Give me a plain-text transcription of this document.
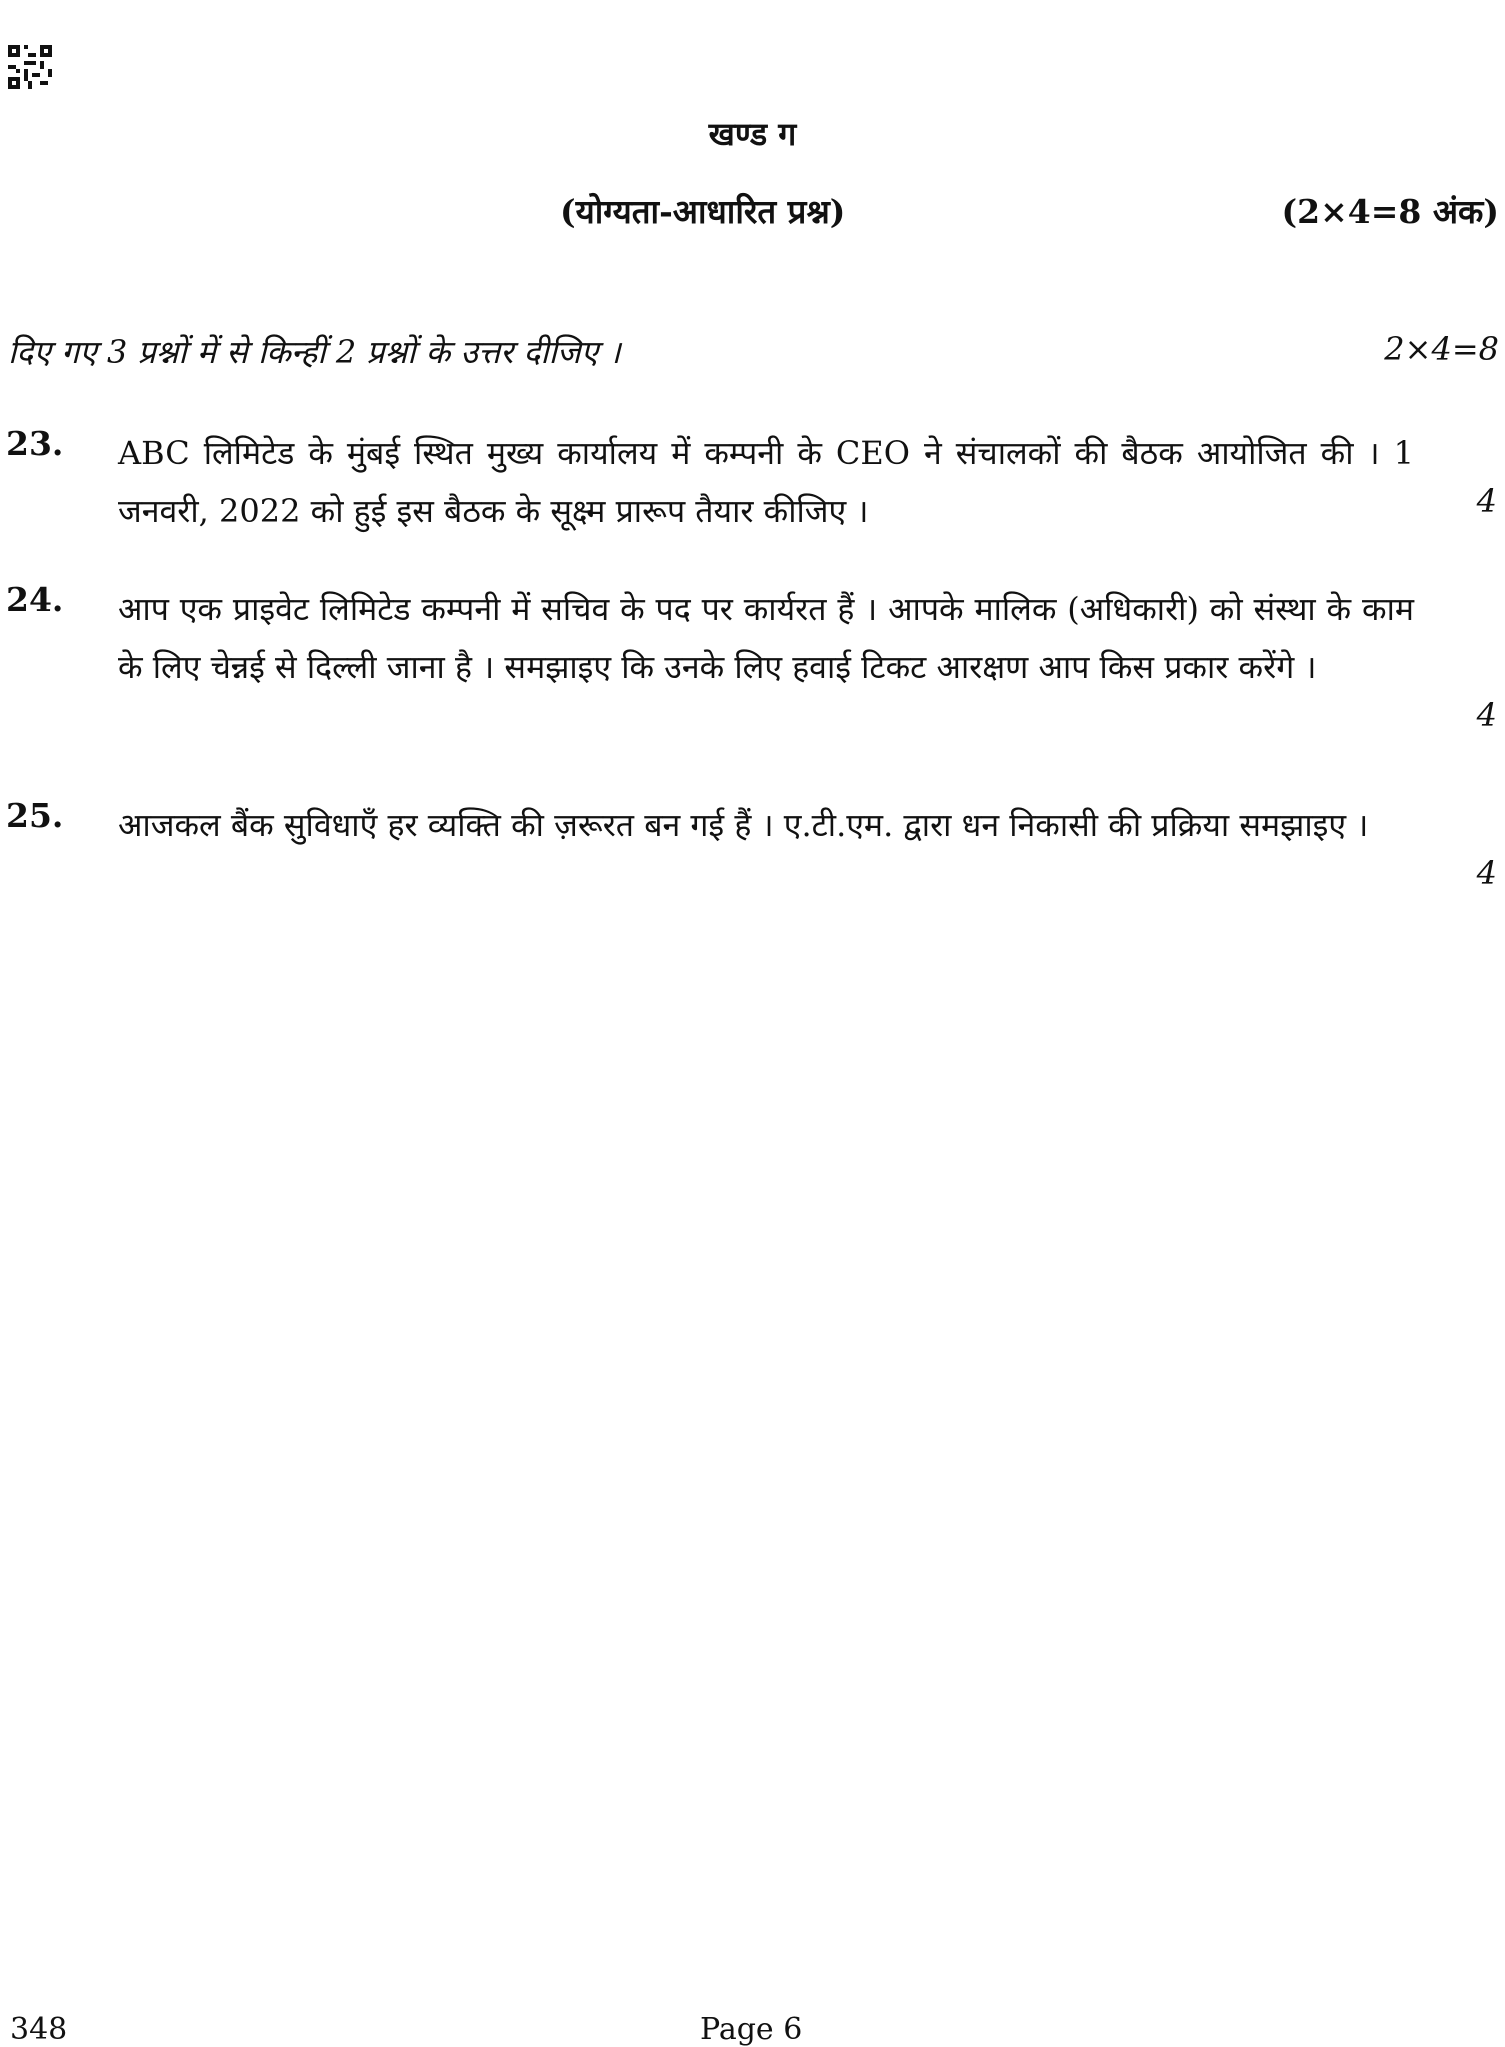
खण्ड ग
(योग्यता-आधारित प्रश्न)	(2×4=8 अंक)
दिए गए 3 प्रश्नों में से किन्हीं 2 प्रश्नों के उत्तर दीजिए ।	2×4=8
23. ABC लिमिटेड के मुंबई स्थित मुख्य कार्यालय में कम्पनी के CEO ने संचालकों की बैठक आयोजित की । 1 जनवरी, 2022 को हुई इस बैठक के सूक्ष्म प्रारूप तैयार कीजिए ।	4
24. आप एक प्राइवेट लिमिटेड कम्पनी में सचिव के पद पर कार्यरत हैं । आपके मालिक (अधिकारी) को संस्था के काम के लिए चेन्नई से दिल्ली जाना है । समझाइए कि उनके लिए हवाई टिकट आरक्षण आप किस प्रकार करेंगे ।
4
25. आजकल बैंक सुविधाएँ हर व्यक्ति की ज़रूरत बन गई हैं । ए.टी.एम. द्वारा धन निकासी की प्रक्रिया समझाइए ।
4
348	Page 6
